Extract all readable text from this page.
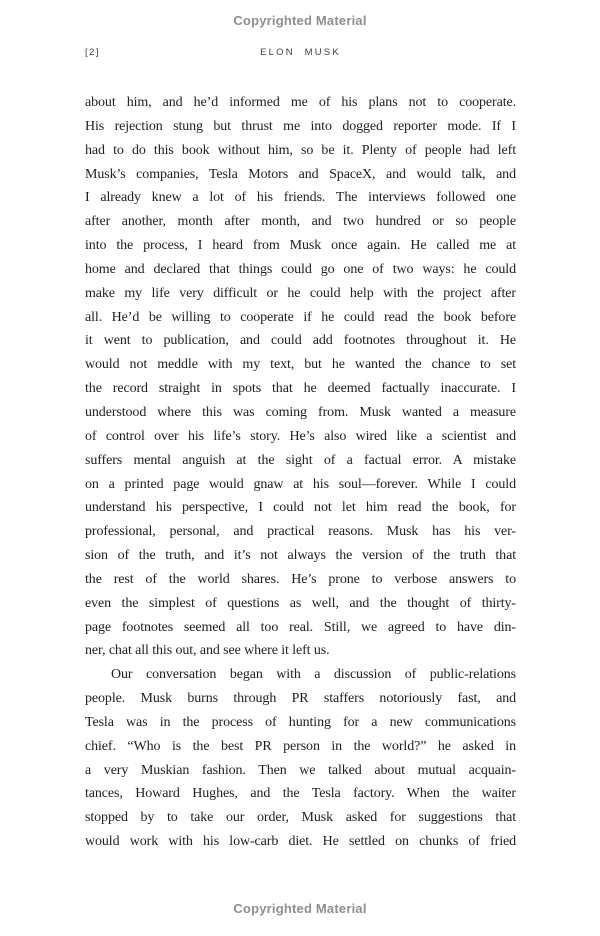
Copyrighted Material
[2]	ELON MUSK
about him, and he’d informed me of his plans not to cooperate.
His rejection stung but thrust me into dogged reporter mode. If I
had to do this book without him, so be it. Plenty of people had left
Musk’s companies, Tesla Motors and SpaceX, and would talk, and
I already knew a lot of his friends. The interviews followed one
after another, month after month, and two hundred or so people
into the process, I heard from Musk once again. He called me at
home and declared that things could go one of two ways: he could
make my life very difficult or he could help with the project after
all. He’d be willing to cooperate if he could read the book before
it went to publication, and could add footnotes throughout it. He
would not meddle with my text, but he wanted the chance to set
the record straight in spots that he deemed factually inaccurate. I
understood where this was coming from. Musk wanted a measure
of control over his life’s story. He’s also wired like a scientist and
suffers mental anguish at the sight of a factual error. A mistake
on a printed page would gnaw at his soul—forever. While I could
understand his perspective, I could not let him read the book, for
professional, personal, and practical reasons. Musk has his ver-
sion of the truth, and it’s not always the version of the truth that
the rest of the world shares. He’s prone to verbose answers to
even the simplest of questions as well, and the thought of thirty-
page footnotes seemed all too real. Still, we agreed to have din-
ner, chat all this out, and see where it left us.
Our conversation began with a discussion of public-relations
people. Musk burns through PR staffers notoriously fast, and
Tesla was in the process of hunting for a new communications
chief. “Who is the best PR person in the world?” he asked in
a very Muskian fashion. Then we talked about mutual acquain-
tances, Howard Hughes, and the Tesla factory. When the waiter
stopped by to take our order, Musk asked for suggestions that
would work with his low-carb diet. He settled on chunks of fried
Copyrighted Material
